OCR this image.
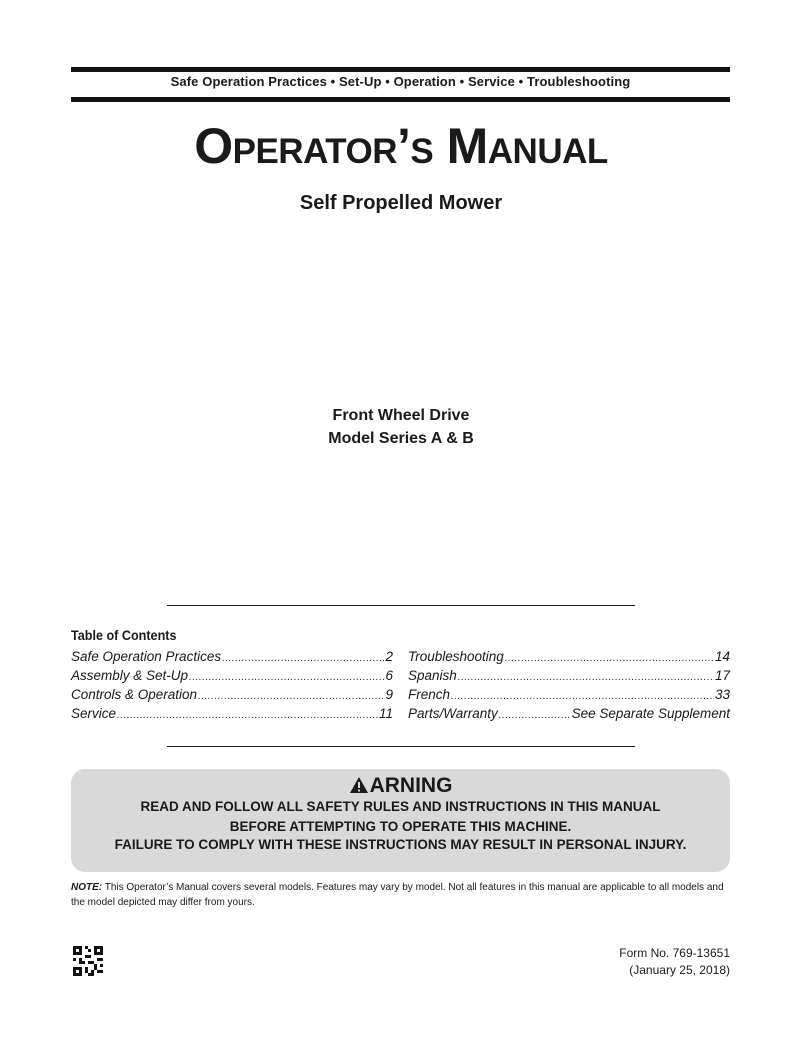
Safe Operation Practices • Set-Up • Operation • Service • Troubleshooting
Operator’s Manual
Self Propelled Mower
Front Wheel Drive
Model Series A & B
Table of Contents
Safe Operation Practices .....	2
Assembly & Set-Up .....	6
Controls & Operation .....	9
Service .....	11
Troubleshooting .....	14
Spanish .....	17
French .....	33
Parts/Warranty .....	See Separate Supplement
ARNING
READ AND FOLLOW ALL SAFETY RULES AND INSTRUCTIONS IN THIS MANUAL
BEFORE ATTEMPTING TO OPERATE THIS MACHINE.
FAILURE TO COMPLY WITH THESE INSTRUCTIONS MAY RESULT IN PERSONAL INJURY.
NOTE: This Operator’s Manual covers several models. Features may vary by model. Not all features in this manual are applicable to all models and the model depicted may differ from yours.
Form No. 769-13651
(January 25, 2018)
